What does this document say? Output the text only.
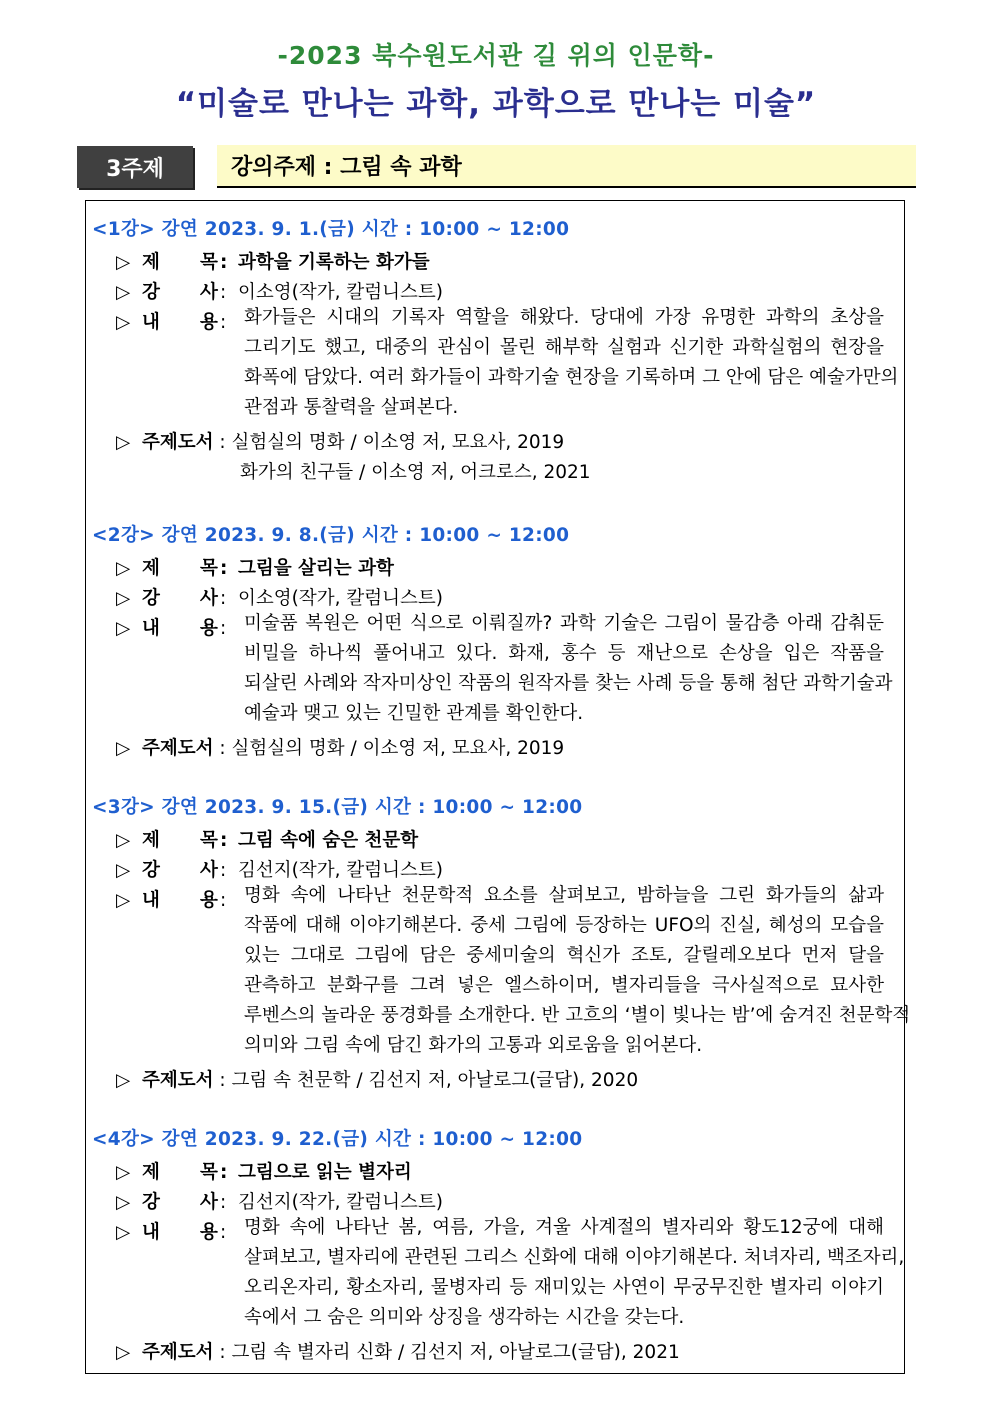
-2023 북수원도서관 길 위의 인문학-
“미술로 만나는 과학, 과학으로 만나는 미술”
3주제	강의주제 : 그림 속 과학
<1강> 강연 2023. 9. 1.(금) 시간 : 10:00 ~ 12:00
▷ 제 목 : 과학을 기록하는 화가들
▷ 강 사 : 이소영(작가, 칼럼니스트)
▷ 내 용 : 화가들은 시대의 기록자 역할을 해왔다. 당대에 가장 유명한 과학의 초상을
그리기도 했고, 대중의 관심이 몰린 해부학 실험과 신기한 과학실험의 현장을
화폭에 담았다. 여러 화가들이 과학기술 현장을 기록하며 그 안에 담은 예술가만의
관점과 통찰력을 살펴본다.
▷ 주제도서 : 실험실의 명화 / 이소영 저, 모요사, 2019
화가의 친구들 / 이소영 저, 어크로스, 2021
<2강> 강연 2023. 9. 8.(금) 시간 : 10:00 ~ 12:00
▷ 제 목 : 그림을 살리는 과학
▷ 강 사 : 이소영(작가, 칼럼니스트)
▷ 내 용 : 미술품 복원은 어떤 식으로 이뤄질까? 과학 기술은 그림이 물감층 아래 감춰둔
비밀을 하나씩 풀어내고 있다. 화재, 홍수 등 재난으로 손상을 입은 작품을
되살린 사례와 작자미상인 작품의 원작자를 찾는 사례 등을 통해 첨단 과학기술과
예술과 맺고 있는 긴밀한 관계를 확인한다.
▷ 주제도서 : 실험실의 명화 / 이소영 저, 모요사, 2019
<3강> 강연 2023. 9. 15.(금) 시간 : 10:00 ~ 12:00
▷ 제 목 : 그림 속에 숨은 천문학
▷ 강 사 : 김선지(작가, 칼럼니스트)
▷ 내 용 : 명화 속에 나타난 천문학적 요소를 살펴보고, 밤하늘을 그린 화가들의 삶과
작품에 대해 이야기해본다. 중세 그림에 등장하는 UFO의 진실, 혜성의 모습을
있는 그대로 그림에 담은 중세미술의 혁신가 조토, 갈릴레오보다 먼저 달을
관측하고 분화구를 그려 넣은 엘스하이머, 별자리들을 극사실적으로 묘사한
루벤스의 놀라운 풍경화를 소개한다. 반 고흐의 ‘별이 빛나는 밤’에 숨겨진 천문학적
의미와 그림 속에 담긴 화가의 고통과 외로움을 읽어본다.
▷ 주제도서 : 그림 속 천문학 / 김선지 저, 아날로그(글담), 2020
<4강> 강연 2023. 9. 22.(금) 시간 : 10:00 ~ 12:00
▷ 제 목 : 그림으로 읽는 별자리
▷ 강 사 : 김선지(작가, 칼럼니스트)
▷ 내 용 : 명화 속에 나타난 봄, 여름, 가을, 겨울 사계절의 별자리와 황도12궁에 대해
살펴보고, 별자리에 관련된 그리스 신화에 대해 이야기해본다. 처녀자리, 백조자리,
오리온자리, 황소자리, 물병자리 등 재미있는 사연이 무궁무진한 별자리 이야기
속에서 그 숨은 의미와 상징을 생각하는 시간을 갖는다.
▷ 주제도서 : 그림 속 별자리 신화 / 김선지 저, 아날로그(글담), 2021
